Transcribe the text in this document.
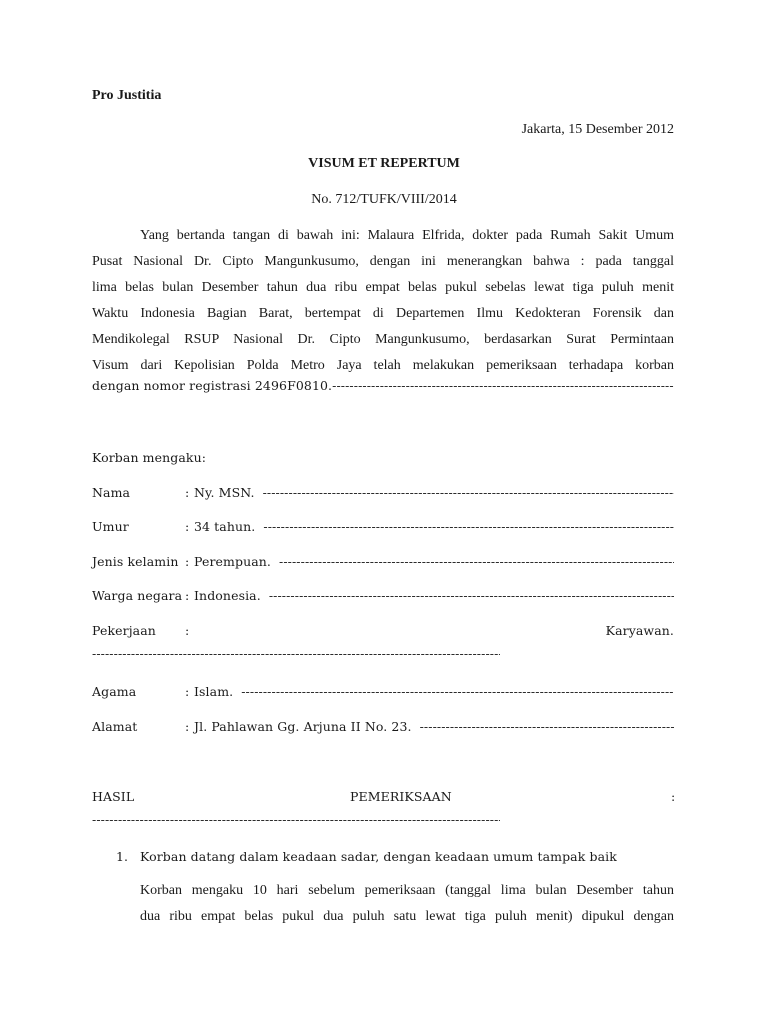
Pro Justitia
Jakarta, 15 Desember 2012
VISUM ET REPERTUM
No. 712/TUFK/VIII/2014
Yang bertanda tangan di bawah ini: Malaura Elfrida, dokter pada Rumah Sakit Umum
Pusat Nasional Dr. Cipto Mangunkusumo, dengan ini menerangkan bahwa : pada tanggal
lima belas bulan Desember tahun dua ribu empat belas pukul sebelas lewat tiga puluh menit
Waktu Indonesia Bagian Barat, bertempat di Departemen Ilmu Kedokteran Forensik dan
Mendikolegal RSUP Nasional Dr. Cipto Mangunkusumo, berdasarkan Surat Permintaan
Visum dari Kepolisian Polda Metro Jaya telah melakukan pemeriksaan terhadapa korban
dengan nomor registrasi 2496F0810.-
-----
Korban mengaku:
Nama	: Ny. MSN.
-----
Umur	: 34 tahun.
-----
Jenis kelamin : Perempuan.
-----
Warga negara : Indonesia.
-----
Pekerjaan :	Karyawan.
-----
Agama	: Islam.
-----
Alamat	: Jl. Pahlawan Gg. Arjuna II No. 23.
-----
HASIL	PEMERIKSAAN	:
-----
1. Korban datang dalam keadaan sadar, dengan keadaan umum tampak baik
Korban mengaku 10 hari sebelum pemeriksaan (tanggal lima bulan Desember tahun
dua ribu empat belas pukul dua puluh satu lewat tiga puluh menit) dipukul dengan
